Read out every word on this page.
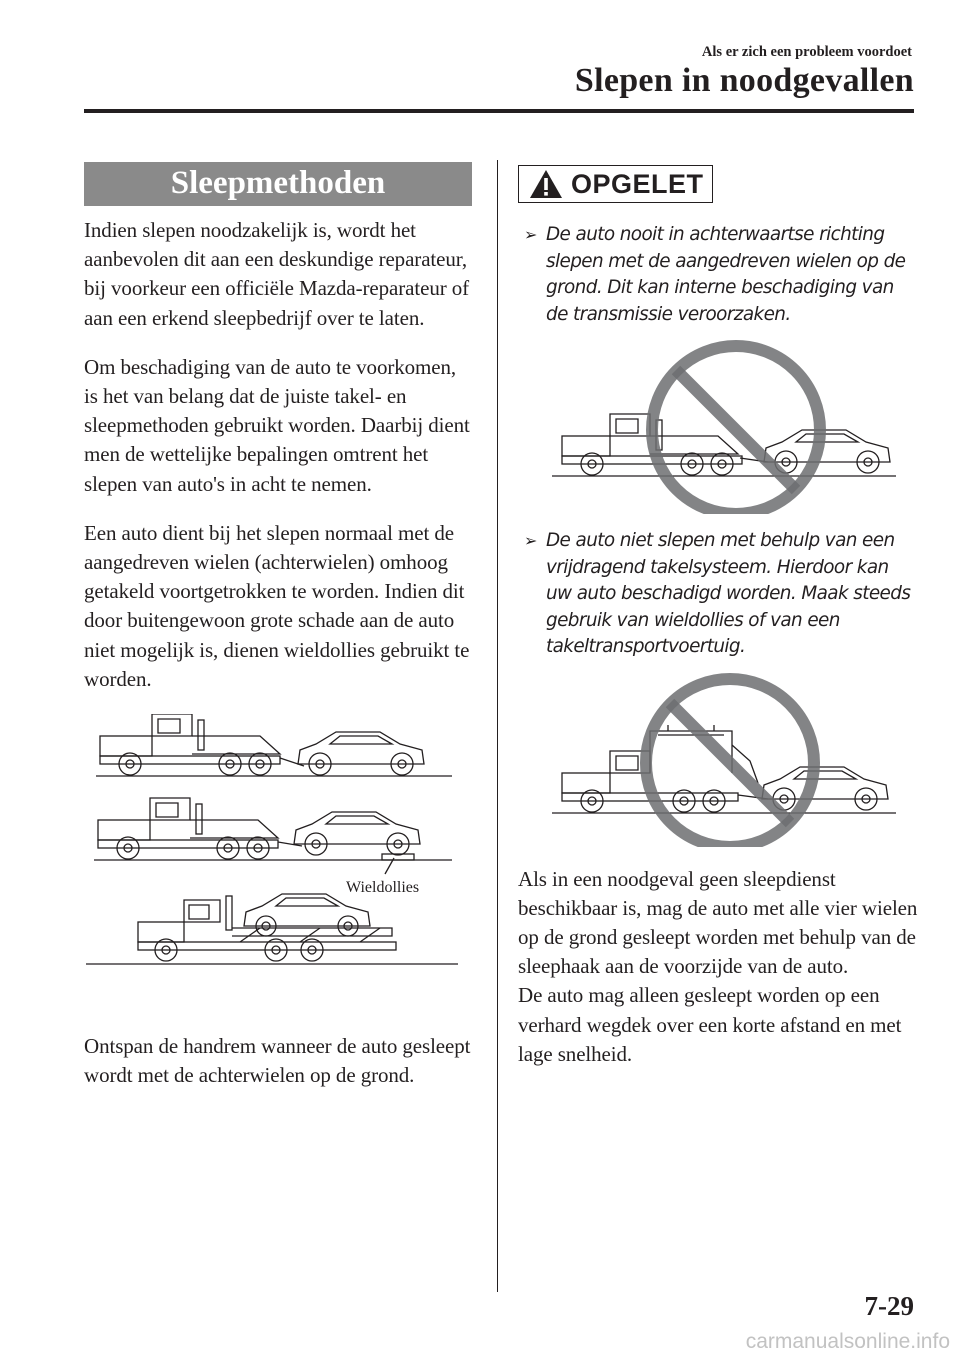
Als er zich een probleem voordoet
Slepen in noodgevallen
Sleepmethoden

Indien slepen noodzakelijk is, wordt het aanbevolen dit aan een deskundige reparateur, bij voorkeur een officiële Mazda-reparateur of aan een erkend sleepbedrijf over te laten.

Om beschadiging van de auto te voorkomen, is het van belang dat de juiste takel- en sleepmethoden gebruikt worden. Daarbij dient men de wettelijke bepalingen omtrent het slepen van auto's in acht te nemen.

Een auto dient bij het slepen normaal met de aangedreven wielen (achterwielen) omhoog getakeld voortgetrokken te worden. Indien dit door buitengewoon grote schade aan de auto niet mogelijk is, dienen wieldollies gebruikt te worden.

Wieldollies

Ontspan de handrem wanneer de auto gesleept wordt met de achterwielen op de grond.

OPGELET
➢ De auto nooit in achterwaartse richting slepen met de aangedreven wielen op de grond. Dit kan interne beschadiging van de transmissie veroorzaken.
➢ De auto niet slepen met behulp van een vrijdragend takelsysteem. Hierdoor kan uw auto beschadigd worden. Maak steeds gebruik van wieldollies of van een takeltransportvoertuig.

Als in een noodgeval geen sleepdienst beschikbaar is, mag de auto met alle vier wielen op de grond gesleept worden met behulp van de sleephaak aan de voorzijde van de auto.
De auto mag alleen gesleept worden op een verhard wegdek over een korte afstand en met lage snelheid.

7-29
carmanualsonline.info
